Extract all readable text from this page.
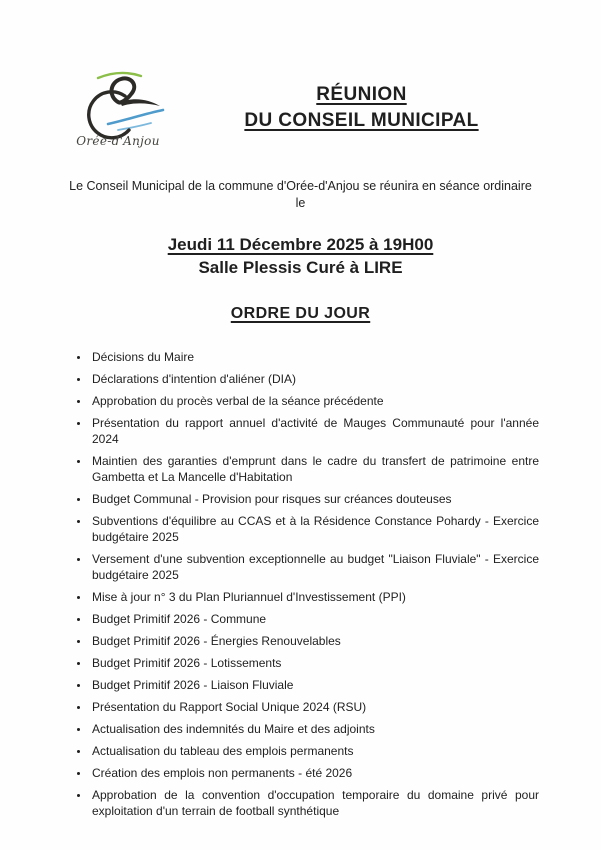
Orée-d'Anjou
RÉUNION
DU CONSEIL MUNICIPAL
Le Conseil Municipal de la commune d'Orée-d'Anjou se réunira en séance ordinaire
le
Jeudi 11 Décembre 2025 à 19H00
Salle Plessis Curé à LIRE
ORDRE DU JOUR
• Décisions du Maire
• Déclarations d'intention d'aliéner (DIA)
• Approbation du procès verbal de la séance précédente
• Présentation du rapport annuel d'activité de Mauges Communauté pour l'année 2024
• Maintien des garanties d'emprunt dans le cadre du transfert de patrimoine entre Gambetta et La Mancelle d'Habitation
• Budget Communal - Provision pour risques sur créances douteuses
• Subventions d'équilibre au CCAS et à la Résidence Constance Pohardy - Exercice budgétaire 2025
• Versement d'une subvention exceptionnelle au budget "Liaison Fluviale" - Exercice budgétaire 2025
• Mise à jour n° 3 du Plan Pluriannuel d'Investissement (PPI)
• Budget Primitif 2026 - Commune
• Budget Primitif 2026 - Énergies Renouvelables
• Budget Primitif 2026 - Lotissements
• Budget Primitif 2026 - Liaison Fluviale
• Présentation du Rapport Social Unique 2024 (RSU)
• Actualisation des indemnités du Maire et des adjoints
• Actualisation du tableau des emplois permanents
• Création des emplois non permanents - été 2026
• Approbation de la convention d'occupation temporaire du domaine privé pour exploitation d'un terrain de football synthétique
